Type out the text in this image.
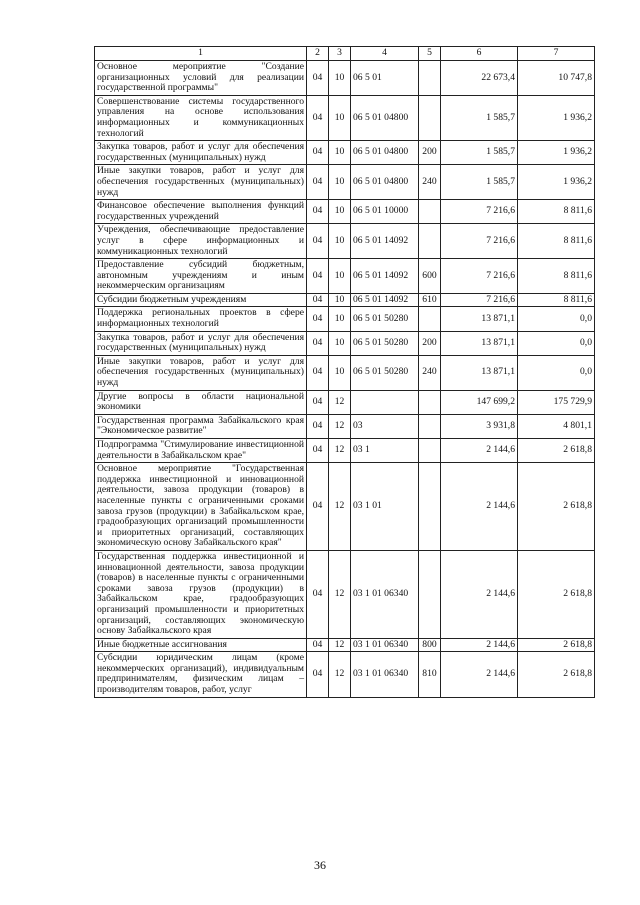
1	2	3	4	5	6	7
Основное мероприятие "Создание организационных условий для реализации государственной программы"	04	10	06 5 01		22 673,4	10 747,8
Совершенствование системы государственного управления на основе использования информационных и коммуникационных технологий	04	10	06 5 01 04800		1 585,7	1 936,2
Закупка товаров, работ и услуг для обеспечения государственных (муниципальных) нужд	04	10	06 5 01 04800	200	1 585,7	1 936,2
Иные закупки товаров, работ и услуг для обеспечения государственных (муниципальных) нужд	04	10	06 5 01 04800	240	1 585,7	1 936,2
Финансовое обеспечение выполнения функций государственных учреждений	04	10	06 5 01 10000		7 216,6	8 811,6
Учреждения, обеспечивающие предоставление услуг в сфере информационных и коммуникационных технологий	04	10	06 5 01 14092		7 216,6	8 811,6
Предоставление субсидий бюджетным, автономным учреждениям и иным некоммерческим организациям	04	10	06 5 01 14092	600	7 216,6	8 811,6
Субсидии бюджетным учреждениям	04	10	06 5 01 14092	610	7 216,6	8 811,6
Поддержка региональных проектов в сфере информационных технологий	04	10	06 5 01 50280		13 871,1	0,0
Закупка товаров, работ и услуг для обеспечения государственных (муниципальных) нужд	04	10	06 5 01 50280	200	13 871,1	0,0
Иные закупки товаров, работ и услуг для обеспечения государственных (муниципальных) нужд	04	10	06 5 01 50280	240	13 871,1	0,0
Другие вопросы в области национальной экономики	04	12			147 699,2	175 729,9
Государственная программа Забайкальского края "Экономическое развитие"	04	12	03		3 931,8	4 801,1
Подпрограмма "Стимулирование инвестиционной деятельности в Забайкальском крае"	04	12	03 1		2 144,6	2 618,8
Основное мероприятие "Государственная поддержка инвестиционной и инновационной деятельности, завоза продукции (товаров) в населенные пункты с ограниченными сроками завоза грузов (продукции) в Забайкальском крае, градообразующих организаций промышленности и приоритетных организаций, составляющих экономическую основу Забайкальского края"	04	12	03 1 01		2 144,6	2 618,8
Государственная поддержка инвестиционной и инновационной деятельности, завоза продукции (товаров) в населенные пункты с ограниченными сроками завоза грузов (продукции) в Забайкальском крае, градообразующих организаций промышленности и приоритетных организаций, составляющих экономическую основу Забайкальского края	04	12	03 1 01 06340		2 144,6	2 618,8
Иные бюджетные ассигнования	04	12	03 1 01 06340	800	2 144,6	2 618,8
Субсидии юридическим лицам (кроме некоммерческих организаций), индивидуальным предпринимателям, физическим лицам – производителям товаров, работ, услуг	04	12	03 1 01 06340	810	2 144,6	2 618,8
36
